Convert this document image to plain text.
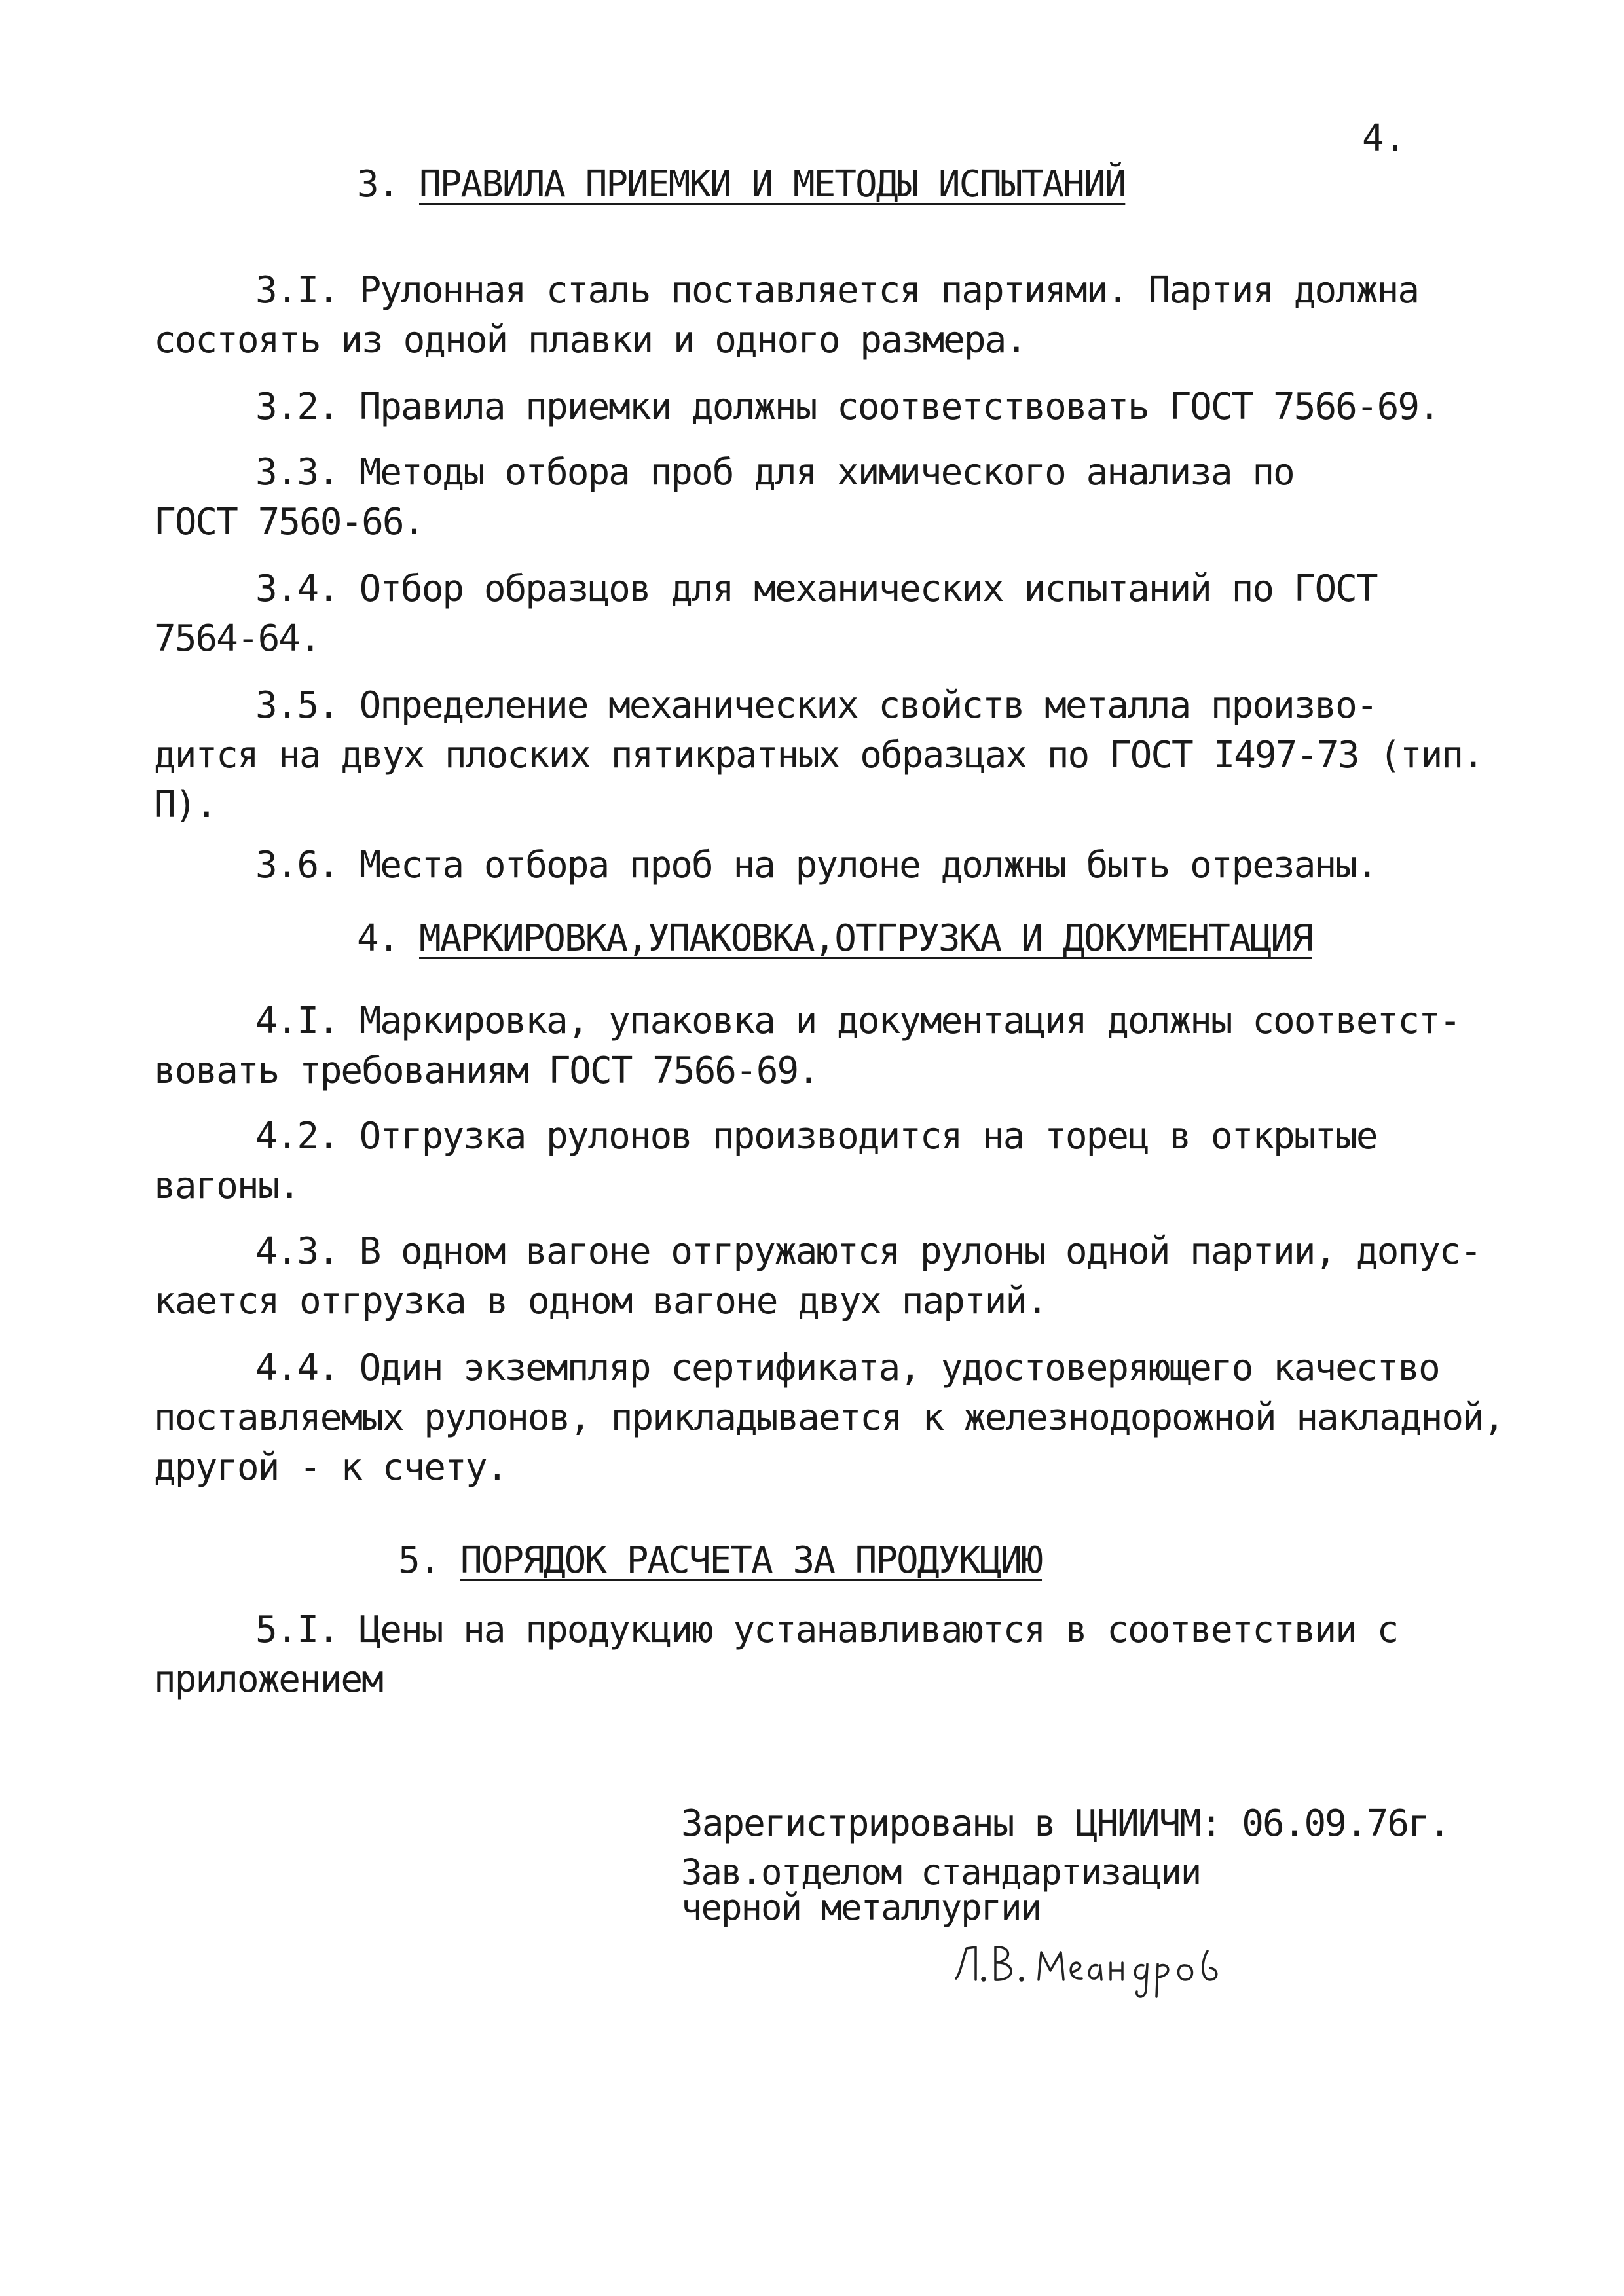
4.
3. ПРАВИЛА ПРИЕМКИ И МЕТОДЫ ИСПЫТАНИЙ
3.I. Рулонная сталь поставляется партиями. Партия должна
состоять из одной плавки и одного размера.
3.2. Правила приемки должны соответствовать ГОСТ 7566-69.
3.3. Методы отбора проб для химического анализа по
ГОСТ 7560-66.
3.4. Отбор образцов для механических испытаний по ГОСТ
7564-64.
3.5. Определение механических свойств металла произво-
дится на двух плоских пятикратных образцах по ГОСТ I497-73 (тип.
П).
3.6. Места отбора проб на рулоне должны быть отрезаны.
4. МАРКИРОВКА,УПАКОВКА,ОТГРУЗКА И ДОКУМЕНТАЦИЯ
4.I. Маркировка, упаковка и документация должны соответст-
вовать требованиям ГОСТ 7566-69.
4.2. Отгрузка рулонов производится на торец в открытые
вагоны.
4.3. В одном вагоне отгружаются рулоны одной партии, допус-
кается отгрузка в одном вагоне двух партий.
4.4. Один экземпляр сертификата, удостоверяющего качество
поставляемых рулонов, прикладывается к железнодорожной накладной,
другой - к счету.
5. ПОРЯДОК РАСЧЕТА ЗА ПРОДУКЦИЮ
5.I. Цены на продукцию устанавливаются в соответствии с
приложением
Зарегистрированы в ЦНИИЧМ: 06.09.76г.
Зав.отделом стандартизации
черной металлургии
